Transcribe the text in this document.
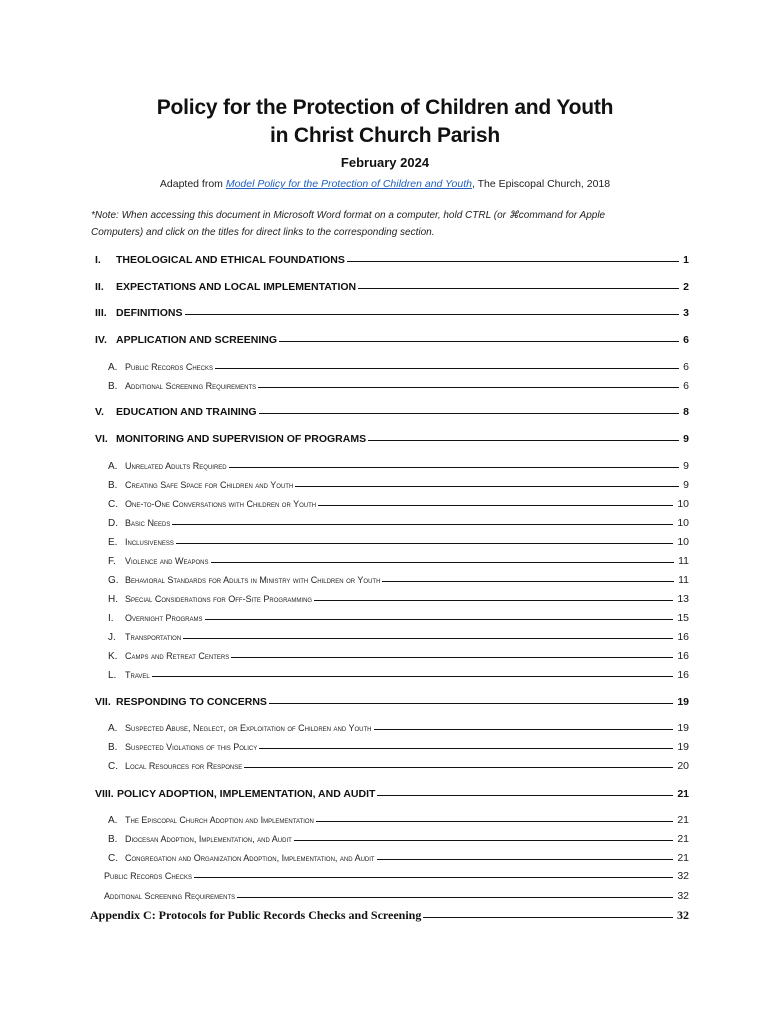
Policy for the Protection of Children and Youth
in Christ Church Parish
February 2024
Adapted from Model Policy for the Protection of Children and Youth, The Episcopal Church, 2018
*Note: When accessing this document in Microsoft Word format on a computer, hold CTRL (or ⌘command for Apple Computers) and click on the titles for direct links to the corresponding section.
I.	THEOLOGICAL AND ETHICAL FOUNDATIONS	1
II.	EXPECTATIONS AND LOCAL IMPLEMENTATION	2
III. DEFINITIONS	3
IV. APPLICATION AND SCREENING	6
A. Public Records Checks	6
B. Additional Screening Requirements	6
V.	EDUCATION AND TRAINING	8
VI. MONITORING AND SUPERVISION OF PROGRAMS	9
A. Unrelated Adults Required	9
B. Creating Safe Space for Children and Youth	9
C. One-to-One Conversations with Children or Youth	10
D. Basic Needs	10
E. Inclusiveness	10
F.	Violence and Weapons	11
G. Behavioral Standards for Adults in Ministry with Children or Youth	11
H. Special Considerations for Off-Site Programming	13
I.	Overnight Programs	15
J.	Transportation	16
K. Camps and Retreat Centers	16
L. Travel	16
VII. RESPONDING TO CONCERNS	19
A. Suspected Abuse, Neglect, or Exploitation of Children and Youth	19
B. Suspected Violations of this Policy	19
C. Local Resources for Response	20
VIII. POLICY ADOPTION, IMPLEMENTATION, AND AUDIT	21
A. The Episcopal Church Adoption and Implementation	21
B. Diocesan Adoption, Implementation, and Audit	21
C. Congregation and Organization Adoption, Implementation, and Audit	21
Public Records Checks	32
Additional Screening Requirements	32
Appendix C: Protocols for Public Records Checks and Screening	32
